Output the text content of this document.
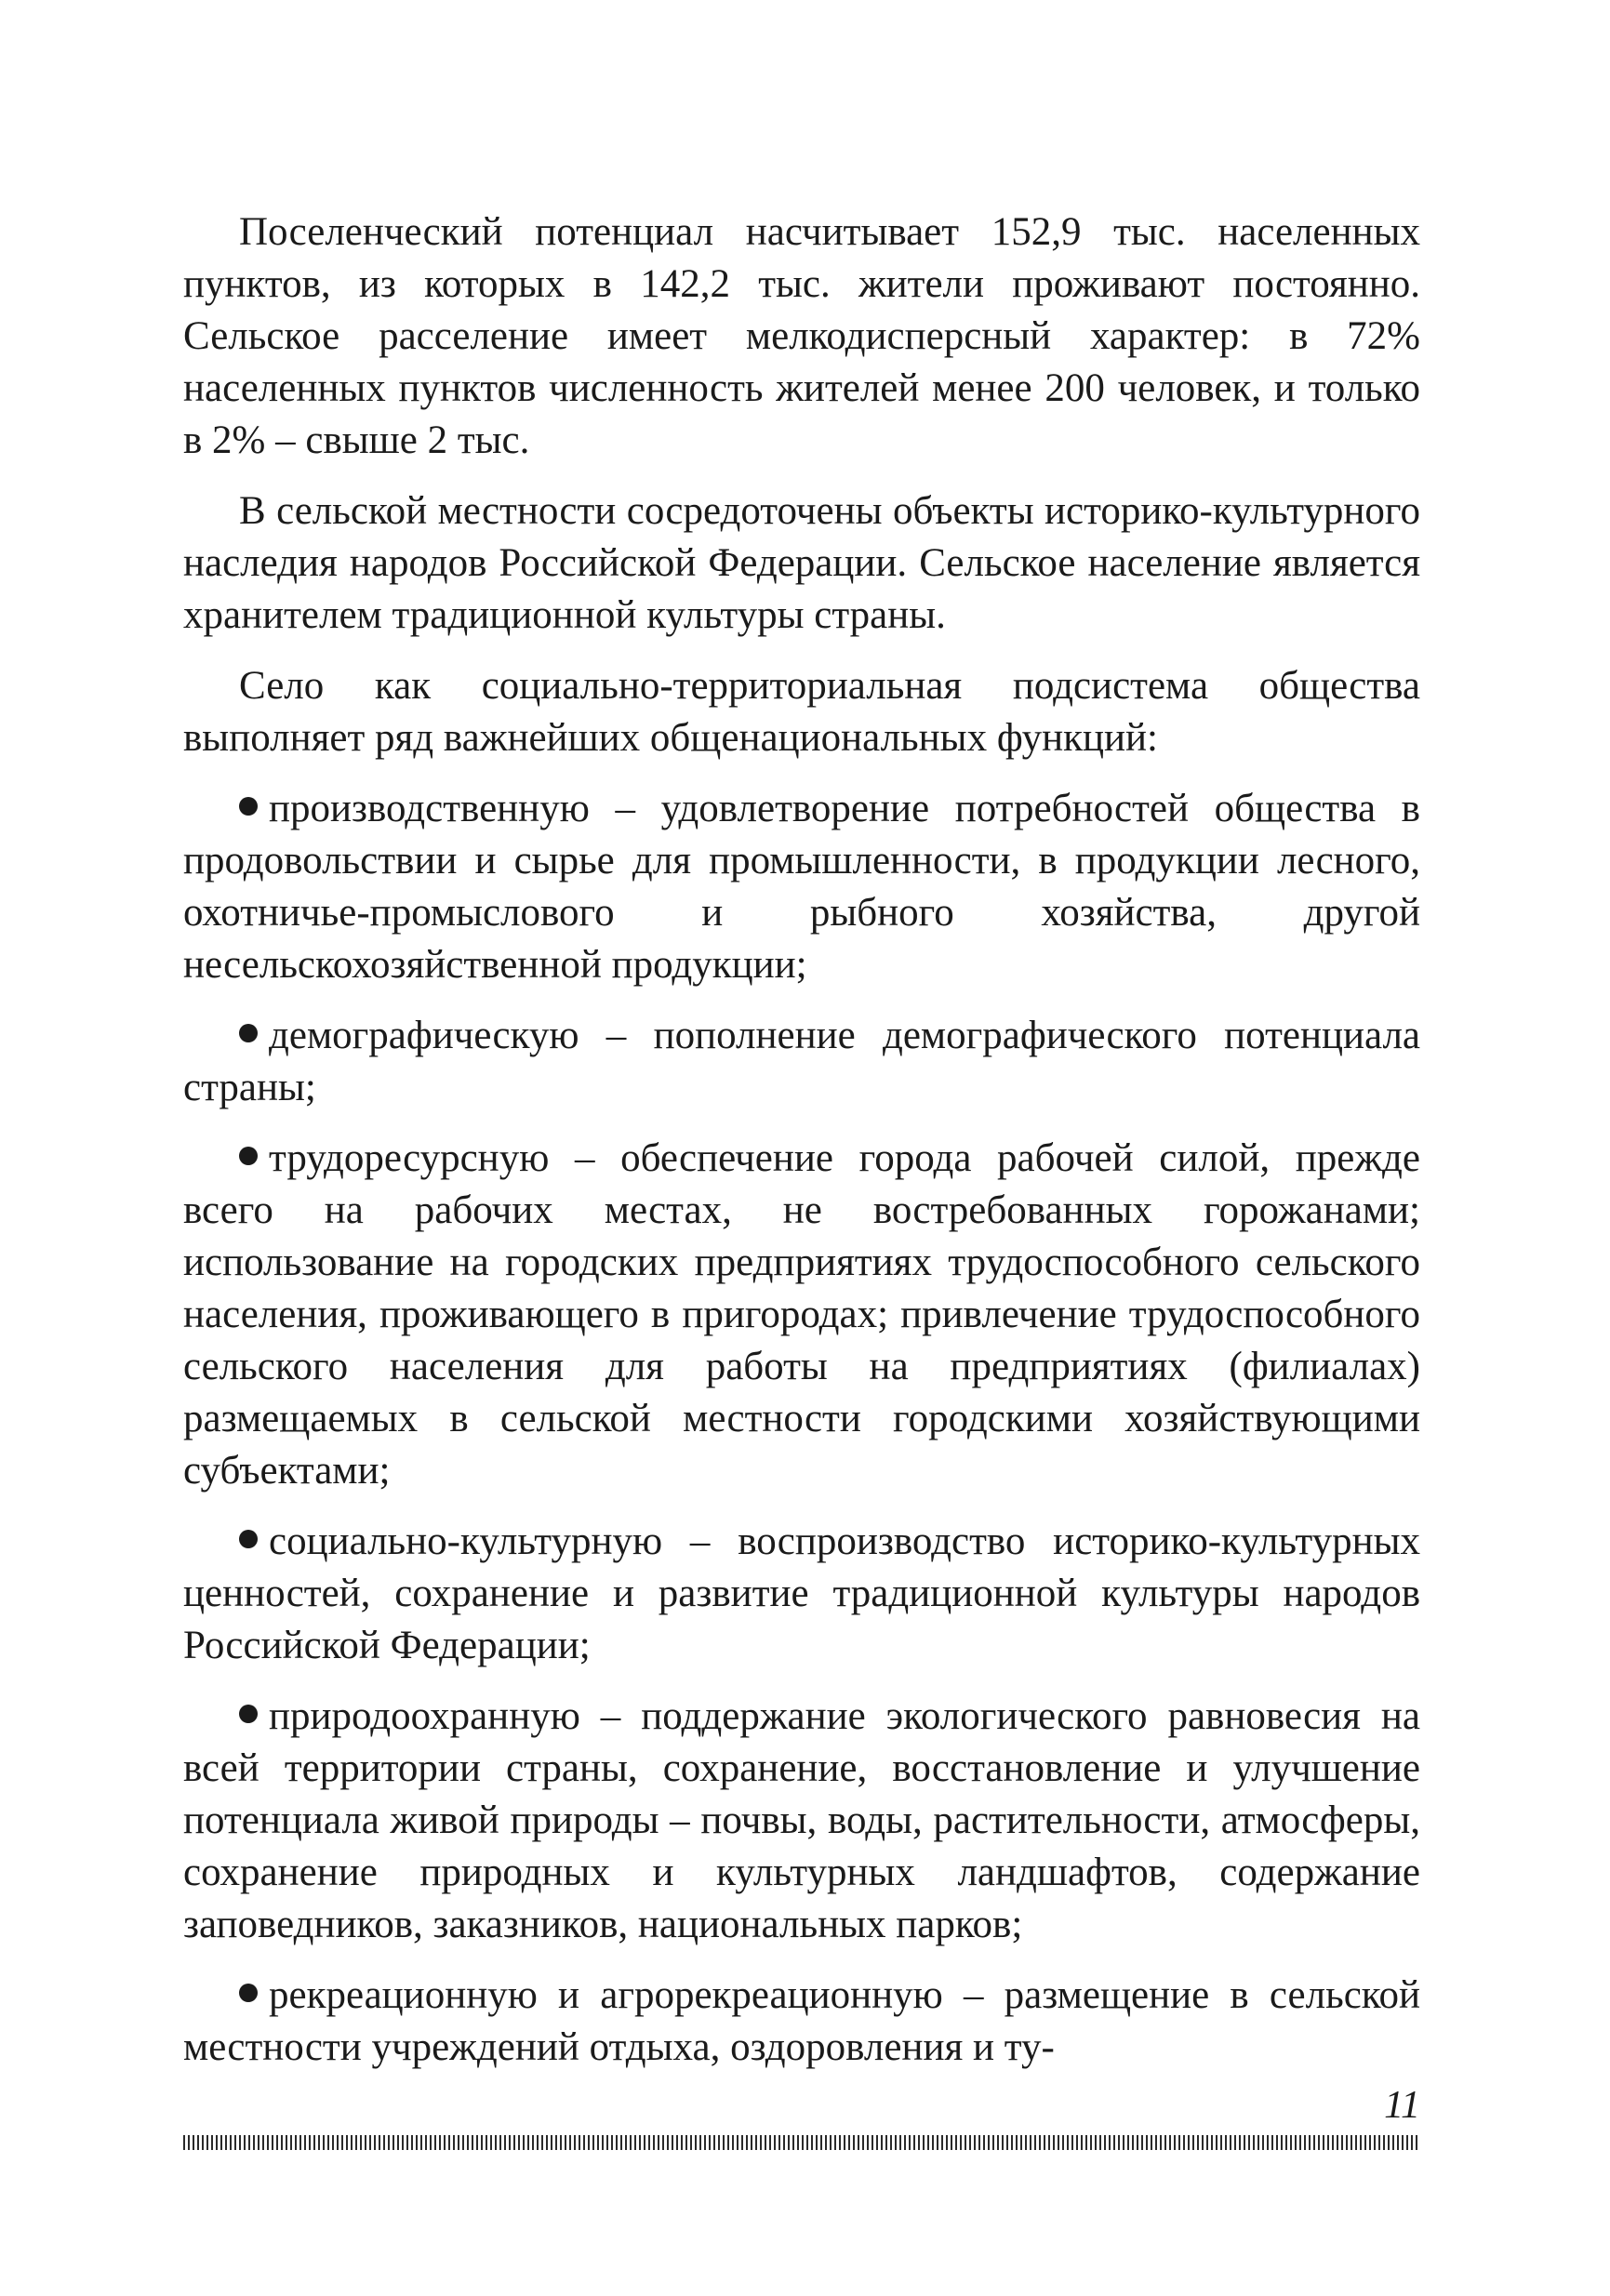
Поселенческий потенциал насчитывает 152,9 тыс. населенных пунктов, из которых в 142,2 тыс. жители проживают постоянно. Сельское расселение имеет мелкодисперсный характер: в 72% населенных пунктов численность жителей менее 200 человек, и только в 2% – свыше 2 тыс.

В сельской местности сосредоточены объекты историко-культурного наследия народов Российской Федерации. Сельское население является хранителем традиционной культуры страны.

Село как социально-территориальная подсистема общества выполняет ряд важнейших общенациональных функций:

производственную – удовлетворение потребностей общества в продовольствии и сырье для промышленности, в продукции лесного, охотничье-промыслового и рыбного хозяйства, другой несельскохозяйственной продукции;

демографическую – пополнение демографического потенциала страны;

трудоресурсную – обеспечение города рабочей силой, прежде всего на рабочих местах, не востребованных горожанами; использование на городских предприятиях трудоспособного сельского населения, проживающего в пригородах; привлечение трудоспособного сельского населения для работы на предприятиях (филиалах) размещаемых в сельской местности городскими хозяйствующими субъектами;

социально-культурную – воспроизводство историко-культурных ценностей, сохранение и развитие традиционной культуры народов Российской Федерации;

природоохранную – поддержание экологического равновесия на всей территории страны, сохранение, восстановление и улучшение потенциала живой природы – почвы, воды, растительности, атмосферы, сохранение природных и культурных ландшафтов, содержание заповедников, заказников, национальных парков;

рекреационную и агрорекреационную – размещение в сельской местности учреждений отдыха, оздоровления и ту-

11
